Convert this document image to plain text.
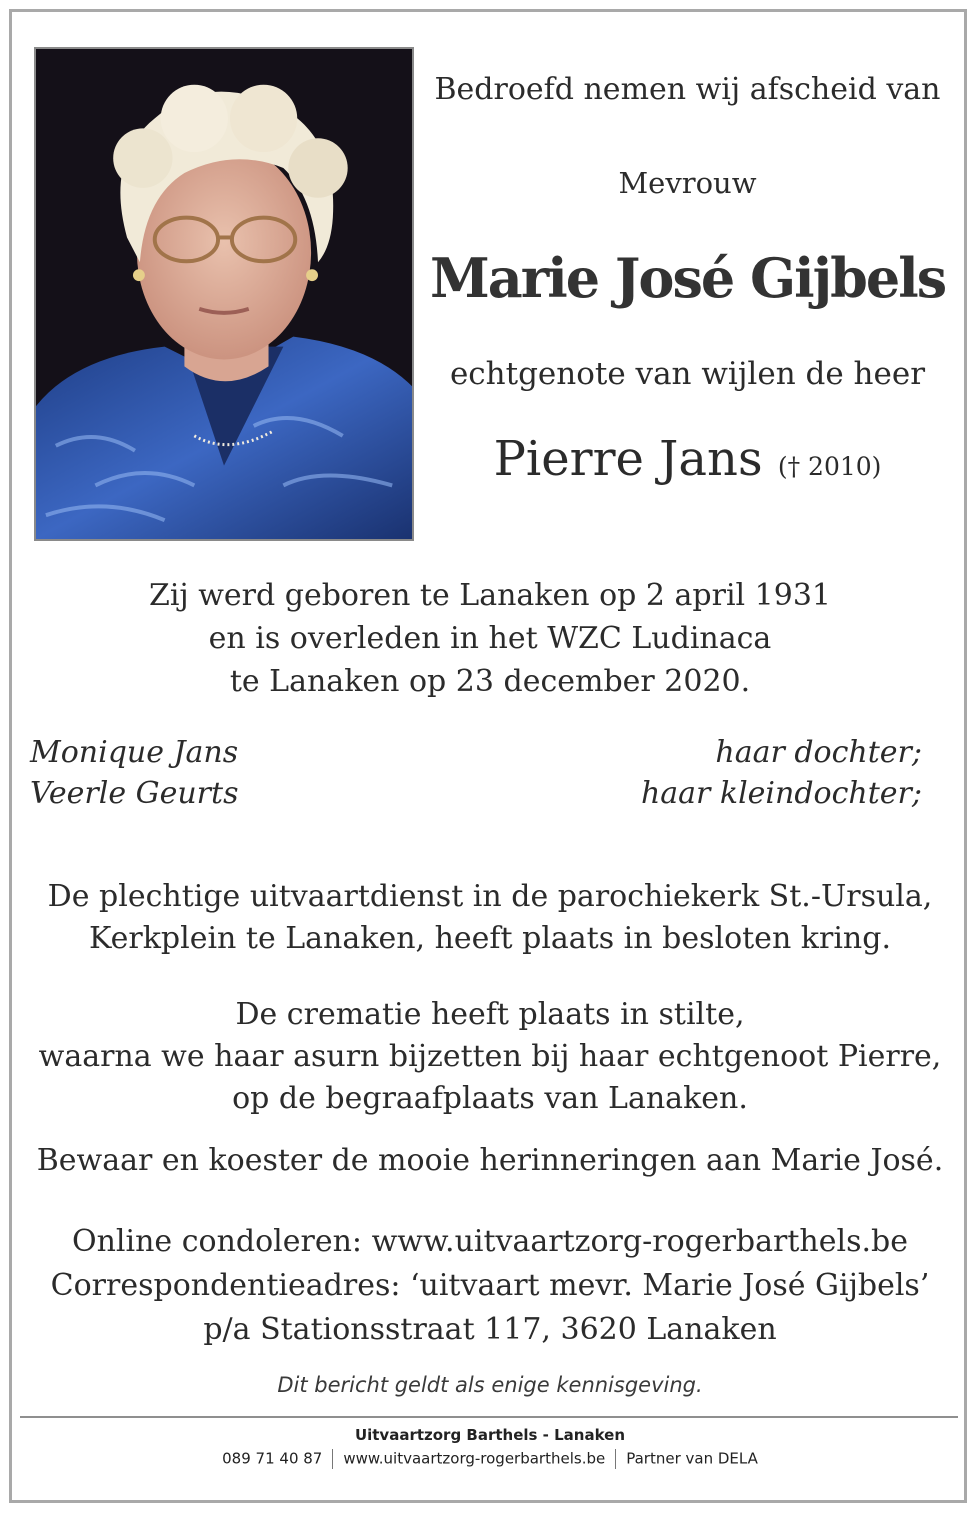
Bedroefd nemen wij afscheid van
Mevrouw
Marie José Gijbels
echtgenote van wijlen de heer
Pierre Jans († 2010)
Zij werd geboren te Lanaken op 2 april 1931
en is overleden in het WZC Ludinaca
te Lanaken op 23 december 2020.
Monique Jans
Veerle Geurts
haar dochter;
haar kleindochter;
De plechtige uitvaartdienst in de parochiekerk St.-Ursula,
Kerkplein te Lanaken, heeft plaats in besloten kring.
De crematie heeft plaats in stilte,
waarna we haar asurn bijzetten bij haar echtgenoot Pierre,
op de begraafplaats van Lanaken.
Bewaar en koester de mooie herinneringen aan Marie José.
Online condoleren: www.uitvaartzorg-rogerbarthels.be
Correspondentieadres: ‘uitvaart mevr. Marie José Gijbels’
p/a Stationsstraat 117, 3620 Lanaken
Dit bericht geldt als enige kennisgeving.
Uitvaartzorg Barthels - Lanaken
089 71 40 87 www.uitvaartzorg-rogerbarthels.be Partner van DELA
